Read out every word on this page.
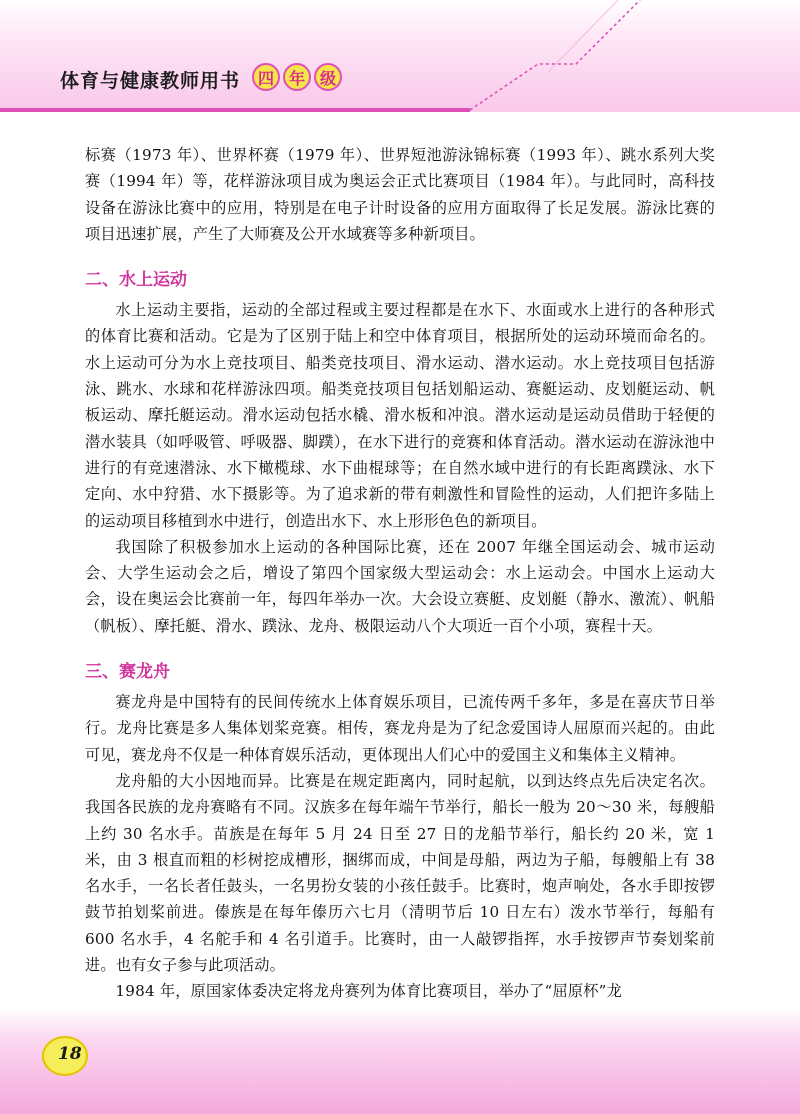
体育与健康教师用书	四 年 级

标赛（1973 年）、世界杯赛（1979 年）、世界短池游泳锦标赛（1993 年）、跳水系列大奖赛（1994 年）等，花样游泳项目成为奥运会正式比赛项目（1984 年）。与此同时，高科技设备在游泳比赛中的应用，特别是在电子计时设备的应用方面取得了长足发展。游泳比赛的项目迅速扩展，产生了大师赛及公开水域赛等多种新项目。

二、水上运动

水上运动主要指，运动的全部过程或主要过程都是在水下、水面或水上进行的各种形式的体育比赛和活动。它是为了区别于陆上和空中体育项目，根据所处的运动环境而命名的。水上运动可分为水上竞技项目、船类竞技项目、滑水运动、潜水运动。水上竞技项目包括游泳、跳水、水球和花样游泳四项。船类竞技项目包括划船运动、赛艇运动、皮划艇运动、帆板运动、摩托艇运动。滑水运动包括水橇、滑水板和冲浪。潜水运动是运动员借助于轻便的潜水装具（如呼吸管、呼吸器、脚蹼），在水下进行的竞赛和体育活动。潜水运动在游泳池中进行的有竞速潜泳、水下橄榄球、水下曲棍球等；在自然水域中进行的有长距离蹼泳、水下定向、水中狩猎、水下摄影等。为了追求新的带有刺激性和冒险性的运动，人们把许多陆上的运动项目移植到水中进行，创造出水下、水上形形色色的新项目。

我国除了积极参加水上运动的各种国际比赛，还在 2007 年继全国运动会、城市运动会、大学生运动会之后，增设了第四个国家级大型运动会：水上运动会。中国水上运动大会，设在奥运会比赛前一年，每四年举办一次。大会设立赛艇、皮划艇（静水、激流）、帆船（帆板）、摩托艇、滑水、蹼泳、龙舟、极限运动八个大项近一百个小项，赛程十天。

三、赛龙舟

赛龙舟是中国特有的民间传统水上体育娱乐项目，已流传两千多年，多是在喜庆节日举行。龙舟比赛是多人集体划桨竞赛。相传，赛龙舟是为了纪念爱国诗人屈原而兴起的。由此可见，赛龙舟不仅是一种体育娱乐活动，更体现出人们心中的爱国主义和集体主义精神。

龙舟船的大小因地而异。比赛是在规定距离内，同时起航，以到达终点先后决定名次。我国各民族的龙舟赛略有不同。汉族多在每年端午节举行，船长一般为 20～30 米，每艘船上约 30 名水手。苗族是在每年 5 月 24 日至 27 日的龙船节举行，船长约 20 米，宽 1 米，由 3 根直而粗的杉树挖成槽形，捆绑而成，中间是母船，两边为子船，每艘船上有 38 名水手，一名长者任鼓头，一名男扮女装的小孩任鼓手。比赛时，炮声响处，各水手即按锣鼓节拍划桨前进。傣族是在每年傣历六七月（清明节后 10 日左右）泼水节举行，每船有 600 名水手，4 名舵手和 4 名引道手。比赛时，由一人敲锣指挥，水手按锣声节奏划桨前进。也有女子参与此项活动。

1984 年，原国家体委决定将龙舟赛列为体育比赛项目，举办了“屈原杯”龙

18
